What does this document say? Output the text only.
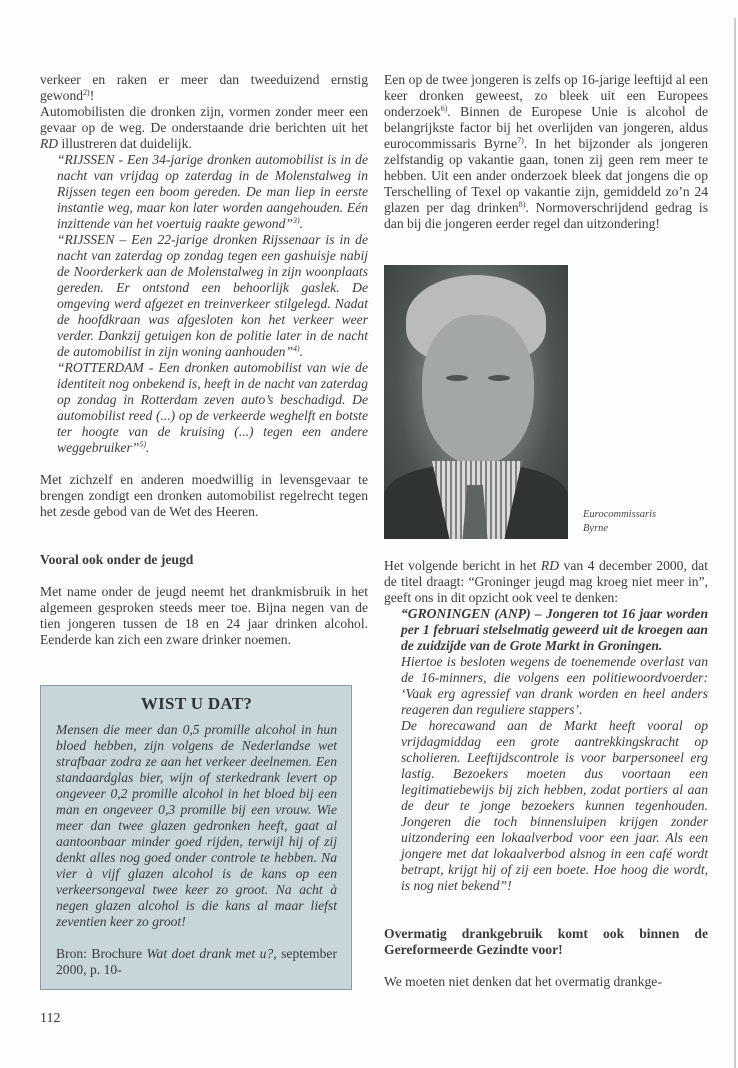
verkeer en raken er meer dan tweeduizend ernstig gewond$^{2)}$!

Automobilisten die dronken zijn, vormen zonder meer een gevaar op de weg. De onderstaande drie berichten uit het RD illustreren dat duidelijk.

“RIJSSEN - Een 34-jarige dronken automobilist is in de nacht van vrijdag op zaterdag in de Molenstalweg in Rijssen tegen een boom gereden. De man liep in eerste instantie weg, maar kon later worden aangehouden. Eén inzittende van het voertuig raakte gewond”$^{3)}$.

“RIJSSEN – Een 22-jarige dronken Rijssenaar is in de nacht van zaterdag op zondag tegen een gashuisje nabij de Noorderkerk aan de Molenstalweg in zijn woonplaats gereden. Er ontstond een behoorlijk gaslek. De omgeving werd afgezet en treinverkeer stilgelegd. Nadat de hoofdkraan was afgesloten kon het verkeer weer verder. Dankzij getuigen kon de politie later in de nacht de automobilist in zijn woning aanhouden”$^{4)}$.

“ROTTERDAM - Een dronken automobilist van wie de identiteit nog onbekend is, heeft in de nacht van zaterdag op zondag in Rotterdam zeven auto’s beschadigd. De automobilist reed (...) op de verkeerde weghelft en botste ter hoogte van de kruising (...) tegen een andere weggebruiker”$^{5)}$.

Met zichzelf en anderen moedwillig in levensgevaar te brengen zondigt een dronken automobilist regelrecht tegen het zesde gebod van de Wet des Heeren.

Vooral ook onder de jeugd

Met name onder de jeugd neemt het drankmisbruik in het algemeen gesproken steeds meer toe. Bijna negen van de tien jongeren tussen de 18 en 24 jaar drinken alcohol. Eenderde kan zich een zware drinker noemen.

WIST U DAT?

Mensen die meer dan 0,5 promille alcohol in hun bloed hebben, zijn volgens de Nederlandse wet strafbaar zodra ze aan het verkeer deelnemen. Een standaardglas bier, wijn of sterkedrank levert op ongeveer 0,2 promille alcohol in het bloed bij een man en ongeveer 0,3 promille bij een vrouw. Wie meer dan twee glazen gedronken heeft, gaat al aantoonbaar minder goed rijden, terwijl hij of zij denkt alles nog goed onder controle te hebben. Na vier à vijf glazen alcohol is de kans op een verkeersongeval twee keer zo groot. Na acht à negen glazen alcohol is die kans al maar liefst zeventien keer zo groot!

Bron: Brochure Wat doet drank met u?, september 2000, p. 10-

112

Een op de twee jongeren is zelfs op 16-jarige leeftijd al een keer dronken geweest, zo bleek uit een Europees onderzoek$^{6)}$. Binnen de Europese Unie is alcohol de belangrijkste factor bij het overlijden van jongeren, aldus eurocommissaris Byrne$^{7)}$. In het bijzonder als jongeren zelfstandig op vakantie gaan, tonen zij geen rem meer te hebben. Uit een ander onderzoek bleek dat jongens die op Terschelling of Texel op vakantie zijn, gemiddeld zo’n 24 glazen per dag drinken$^{8)}$. Normoverschrijdend gedrag is dan bij die jongeren eerder regel dan uitzondering!

Eurocommissaris
Byrne

Het volgende bericht in het RD van 4 december 2000, dat de titel draagt: “Groninger jeugd mag kroeg niet meer in”, geeft ons in dit opzicht ook veel te denken:

“GRONINGEN (ANP) – Jongeren tot 16 jaar worden per 1 februari stelselmatig geweerd uit de kroegen aan de zuidzijde van de Grote Markt in Groningen.

Hiertoe is besloten wegens de toenemende overlast van de 16-minners, die volgens een politiewoordvoerder: ‘Vaak erg agressief van drank worden en heel anders reageren dan reguliere stappers’.

De horecawand aan de Markt heeft vooral op vrijdagmiddag een grote aantrekkingskracht op scholieren. Leeftijdscontrole is voor barpersoneel erg lastig. Bezoekers moeten dus voortaan een legitimatiebewijs bij zich hebben, zodat portiers al aan de deur te jonge bezoekers kunnen tegenhouden. Jongeren die toch binnensluipen krijgen zonder uitzondering een lokaalverbod voor een jaar. Als een jongere met dat lokaalverbod alsnog in een café wordt betrapt, krijgt hij of zij een boete. Hoe hoog die wordt, is nog niet bekend”!

Overmatig drankgebruik komt ook binnen de Gereformeerde Gezindte voor!

We moeten niet denken dat het overmatig drankge-
